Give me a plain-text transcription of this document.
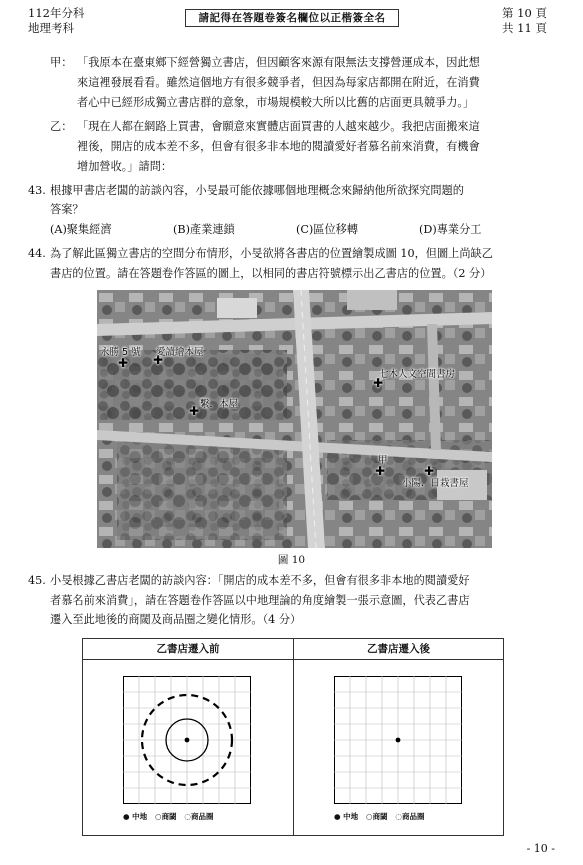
112年分科
地理考科
請記得在答題卷簽名欄位以正楷簽全名	第 10 頁
共 11 頁
甲： 「我原本在臺東鄉下經營獨立書店，但因顧客來源有限無法支撐營運成本，因此想
來這裡發展看看。雖然這個地方有很多競爭者，但因為每家店都開在附近，在消費
者心中已經形成獨立書店群的意象，市場規模較大所以比舊的店面更具競爭力。」
乙： 「現在人都在網路上買書，會願意來實體店面買書的人越來越少。我把店面搬來這
裡後，開店的成本差不多，但會有很多非本地的閱讀愛好者慕名前來消費，有機會
增加營收。」請問：
43. 根據甲書店老闆的訪談內容，小旻最可能依據哪個地理概念來歸納他所欲探究問題的
答案？
(A)聚集經濟	(B)產業連鎖	(C)區位移轉	(D)專業分工
44. 為了解此區獨立書店的空間分布情形，小旻欲將各書店的位置繪製成圖 10，但圖上尚缺乙
書店的位置。請在答題卷作答區的圖上，以相同的書店符號標示出乙書店的位置。（2 分）
✚
永勝 5 號
✚
愛讀繪本屋
✚ 繫．本屋
✚
七木人文空間書房
✚
甲
✚
小陽．日栽書屋
圖 10
45. 小旻根據乙書店老闆的訪談內容：「開店的成本差不多，但會有很多非本地的閱讀愛好
者慕名前來消費」，請在答題卷作答區以中地理論的角度繪製一張示意圖，代表乙書店
遷入至此地後的商閾及商品圈之變化情形。（4 分）
乙書店遷入前	乙書店遷入後
● 中地 ○商閾 ◌商品圈	● 中地 ○商閾 ◌商品圈
- 10 -
